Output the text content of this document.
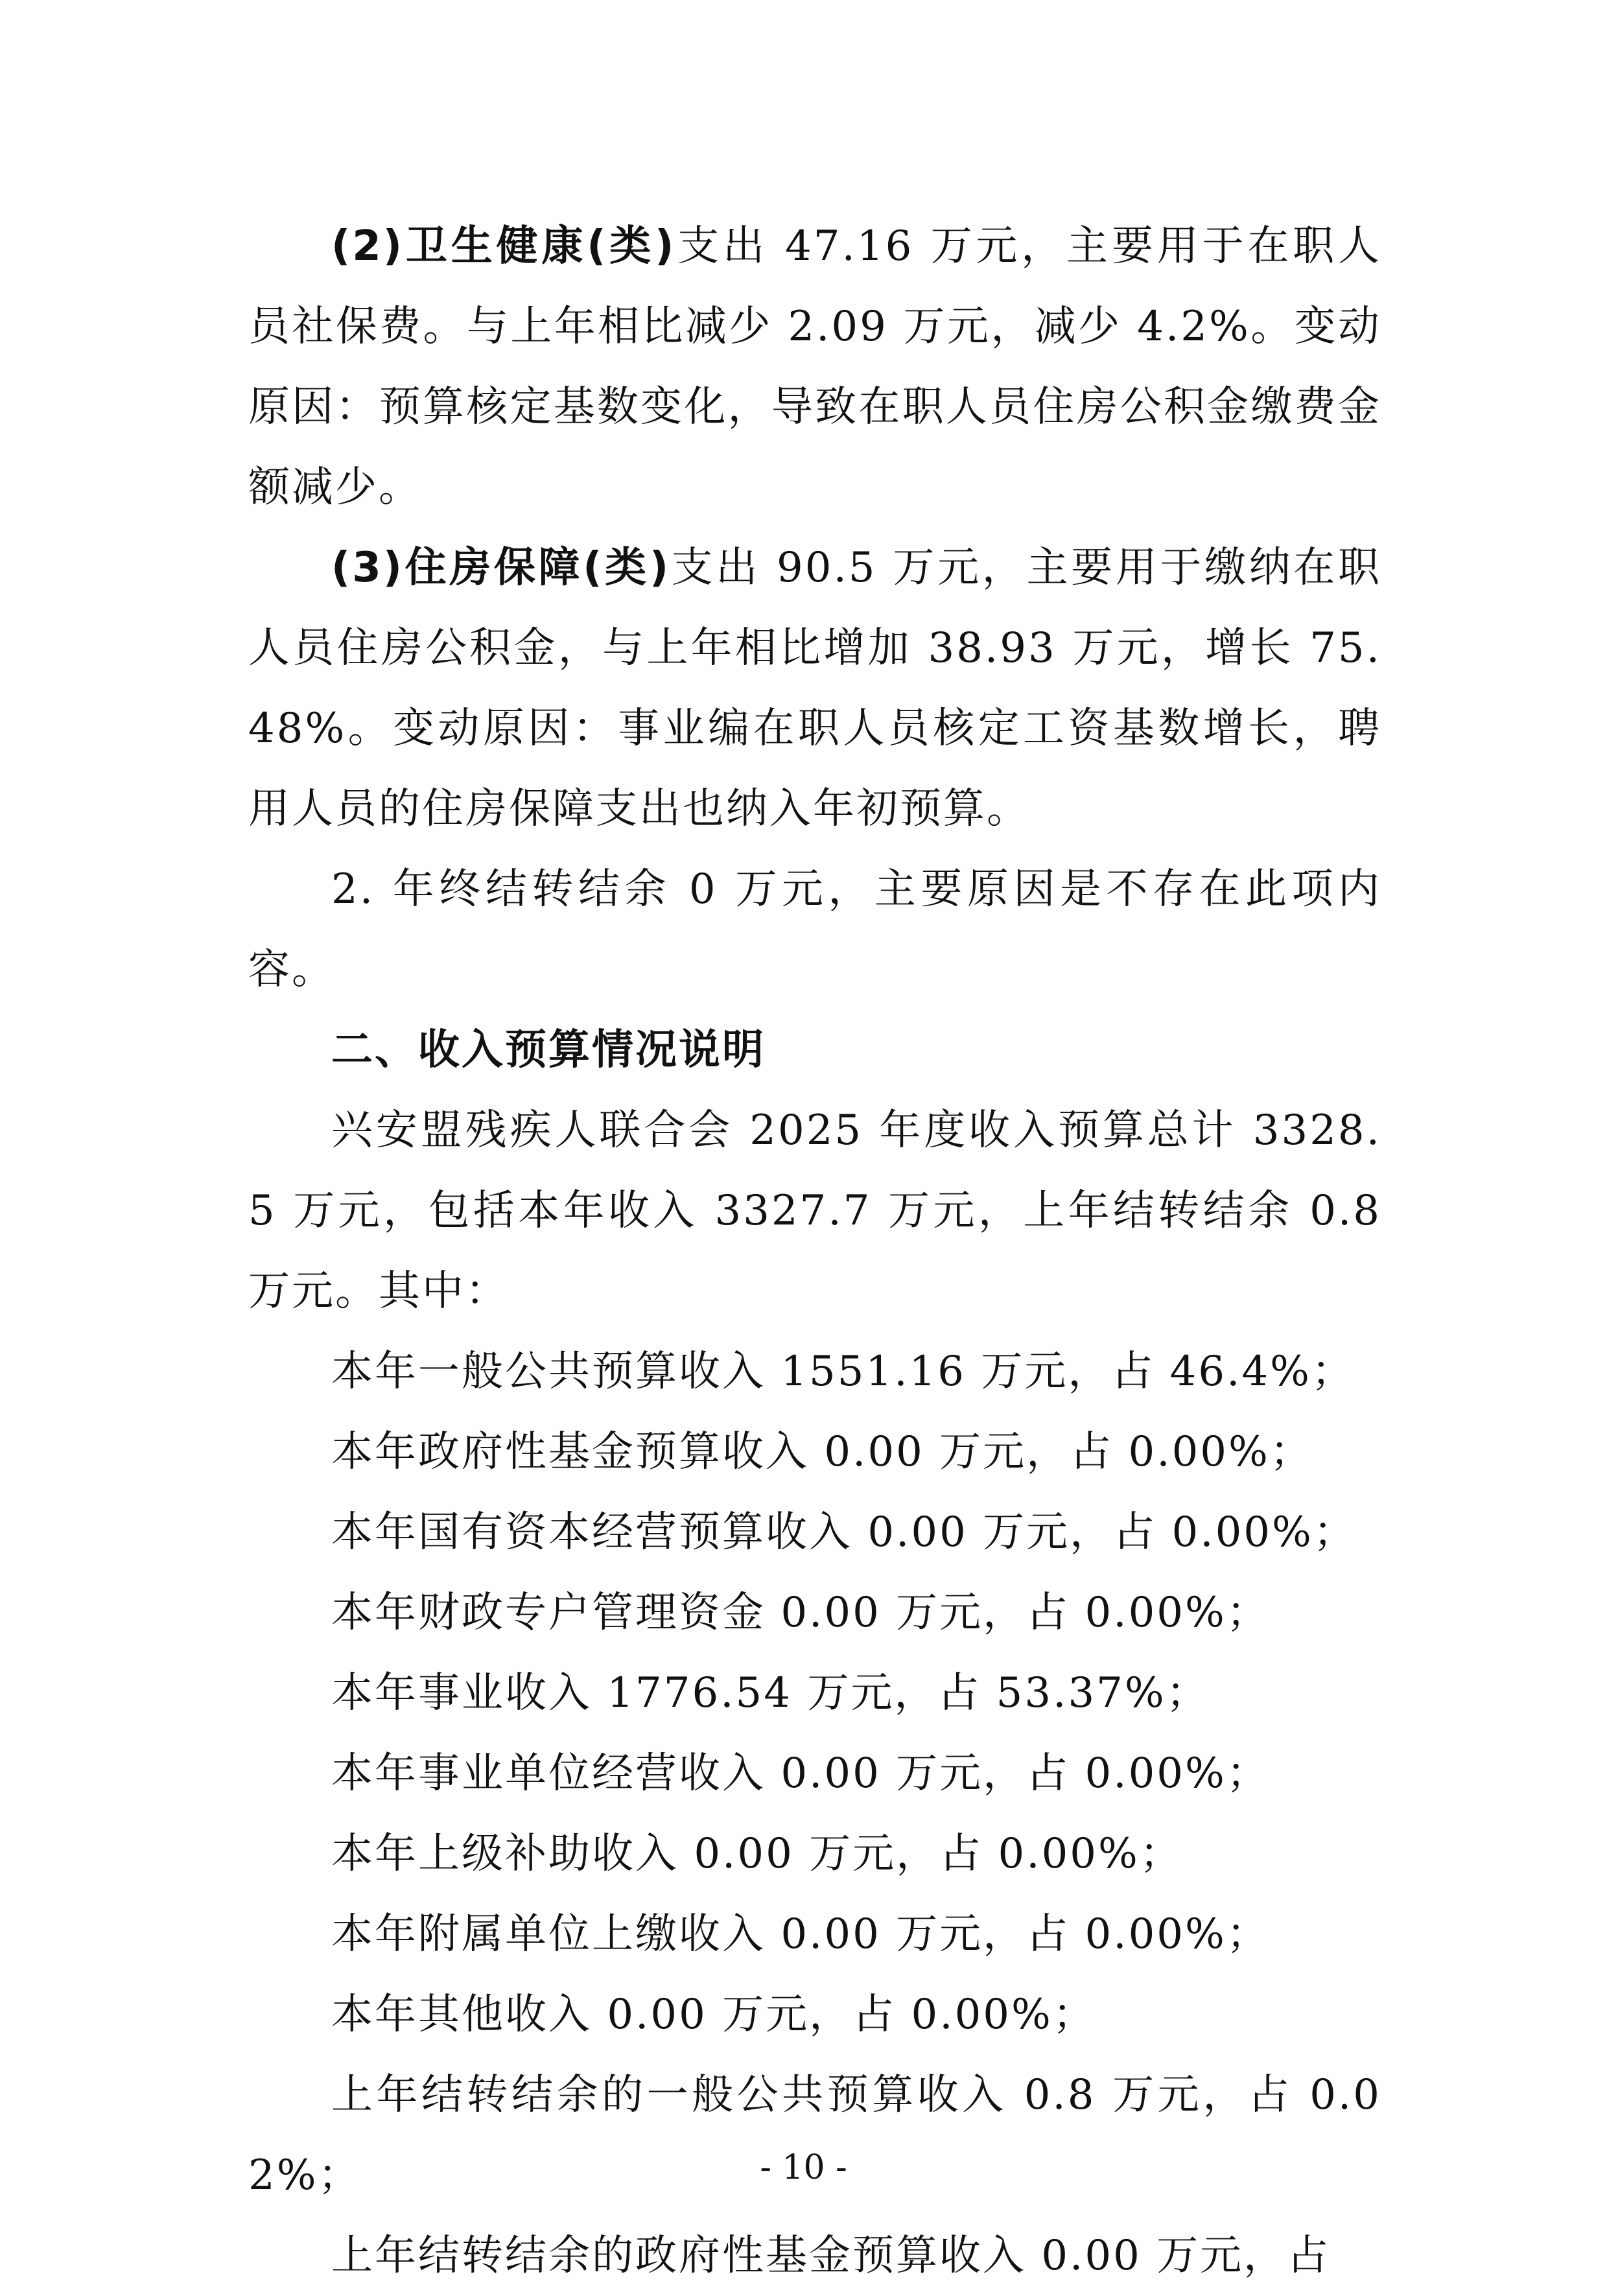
(2)卫生健康(类)支出 47.16 万元，主要用于在职人员社保费。与上年相比减少 2.09 万元，减少 4.2%。变动原因：预算核定基数变化，导致在职人员住房公积金缴费金额减少。

(3)住房保障(类)支出 90.5 万元，主要用于缴纳在职人员住房公积金，与上年相比增加 38.93 万元，增长 75.48%。变动原因：事业编在职人员核定工资基数增长，聘用人员的住房保障支出也纳入年初预算。

2. 年终结转结余 0 万元，主要原因是不存在此项内容。

二、收入预算情况说明

兴安盟残疾人联合会 2025 年度收入预算总计 3328.5 万元，包括本年收入 3327.7 万元，上年结转结余 0.8 万元。其中：

本年一般公共预算收入 1551.16 万元，占 46.4%；

本年政府性基金预算收入 0.00 万元，占 0.00%；

本年国有资本经营预算收入 0.00 万元，占 0.00%；

本年财政专户管理资金 0.00 万元，占 0.00%；

本年事业收入 1776.54 万元，占 53.37%；

本年事业单位经营收入 0.00 万元，占 0.00%；

本年上级补助收入 0.00 万元，占 0.00%；

本年附属单位上缴收入 0.00 万元，占 0.00%；

本年其他收入 0.00 万元，占 0.00%；

上年结转结余的一般公共预算收入 0.8 万元，占 0.02%；

上年结转结余的政府性基金预算收入 0.00 万元，占

- 10 -
